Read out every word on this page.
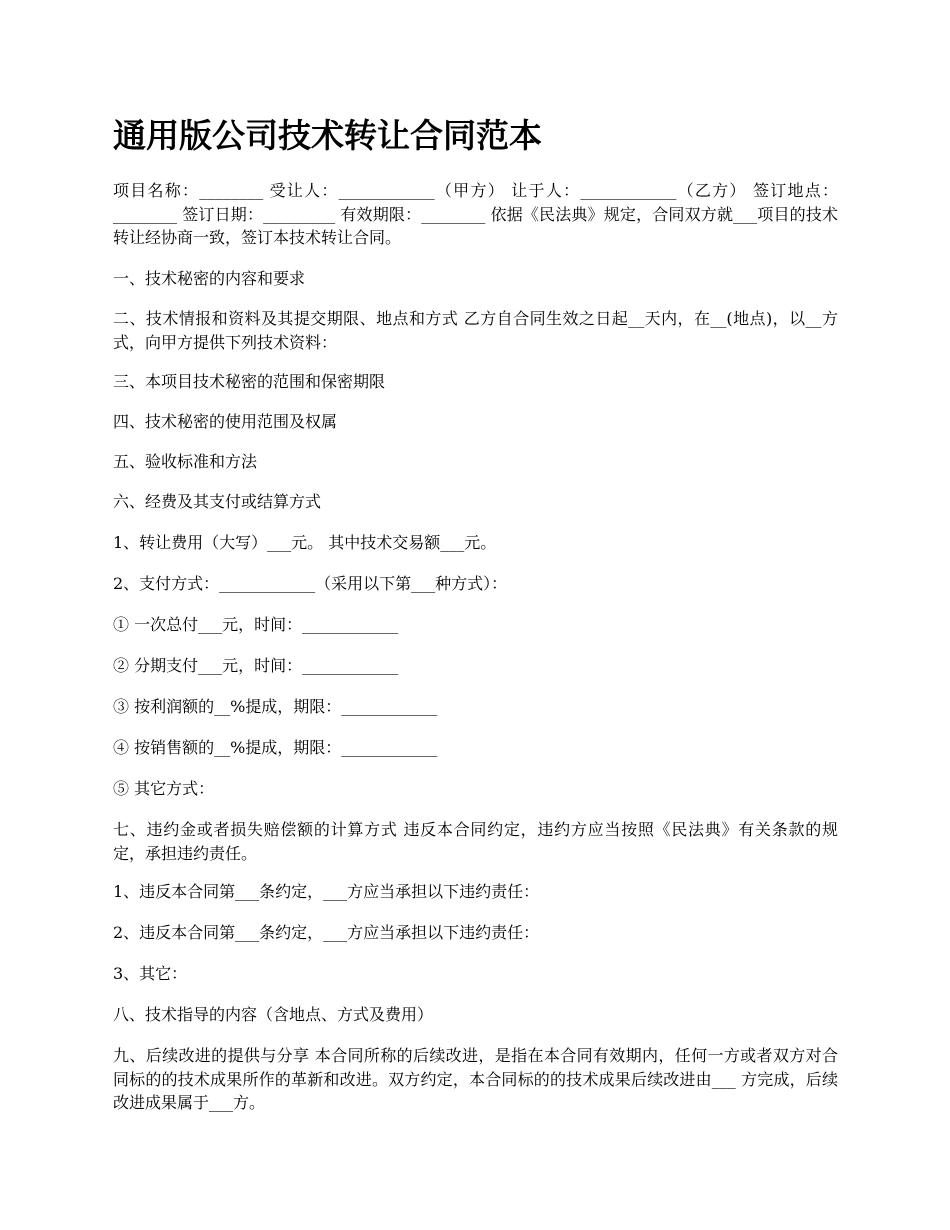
通用版公司技术转让合同范本

项目名称：________ 受让人：____________（甲方） 让于人：____________（乙方） 签订地点：________ 签订日期：_________ 有效期限：________ 依据《民法典》规定，合同双方就___项目的技术转让经协商一致，签订本技术转让合同。

一、技术秘密的内容和要求

二、技术情报和资料及其提交期限、地点和方式 乙方自合同生效之日起__天内，在__(地点)，以__方式，向甲方提供下列技术资料：

三、本项目技术秘密的范围和保密期限

四、技术秘密的使用范围及权属

五、验收标准和方法

六、经费及其支付或结算方式

1、转让费用（大写）___元。 其中技术交易额___元。

2、支付方式：____________（采用以下第___种方式）：

① 一次总付___元，时间：____________

② 分期支付___元，时间：____________

③ 按利润额的__%提成，期限：____________

④ 按销售额的__%提成，期限：____________

⑤ 其它方式：

七、违约金或者损失赔偿额的计算方式 违反本合同约定，违约方应当按照《民法典》有关条款的规定，承担违约责任。

1、违反本合同第___条约定，___方应当承担以下违约责任：

2、违反本合同第___条约定，___方应当承担以下违约责任：

3、其它：

八、技术指导的内容（含地点、方式及费用）

九、后续改进的提供与分享 本合同所称的后续改进，是指在本合同有效期内，任何一方或者双方对合同标的的技术成果所作的革新和改进。双方约定，本合同标的的技术成果后续改进由___ 方完成，后续改进成果属于___方。
